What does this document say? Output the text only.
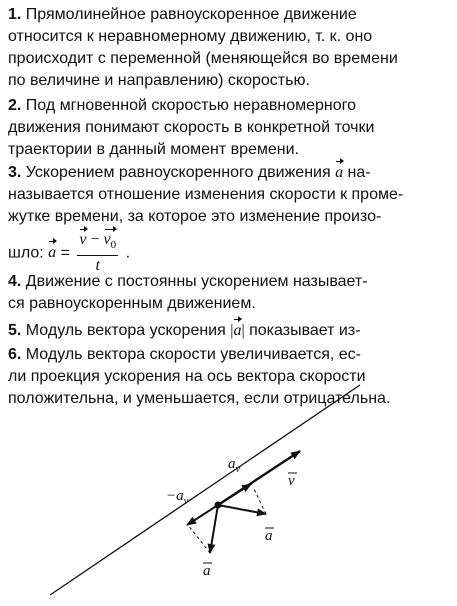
1. Прямолинейное равноускоренное движение
относится к неравномерному движению, т. к. оно
происходит с переменной (меняющейся во времени
по величине и направлению) скоростью.
2. Под мгновенной скоростью неравномерного
движения понимают скорость в конкретной точки
траектории в данный момент времени.
3. Ускорением равноускоренного движения a на-
называется отношение изменения скорости к проме-
жутке времени, за которое это изменение произо-
шло: $a = \frac{v - v_0}{t}$ .
4. Движение с постоянны ускорением называет-
ся равноускоренным движением.
5. Модуль вектора ускорения |a| показывает из-
6. Модуль вектора скорости увеличивается, ес-
ли проекция ускорения на ось вектора скорости
положительна, и уменьшается, если отрицательна.
$a_v$
$-a_v$
v
a
a
